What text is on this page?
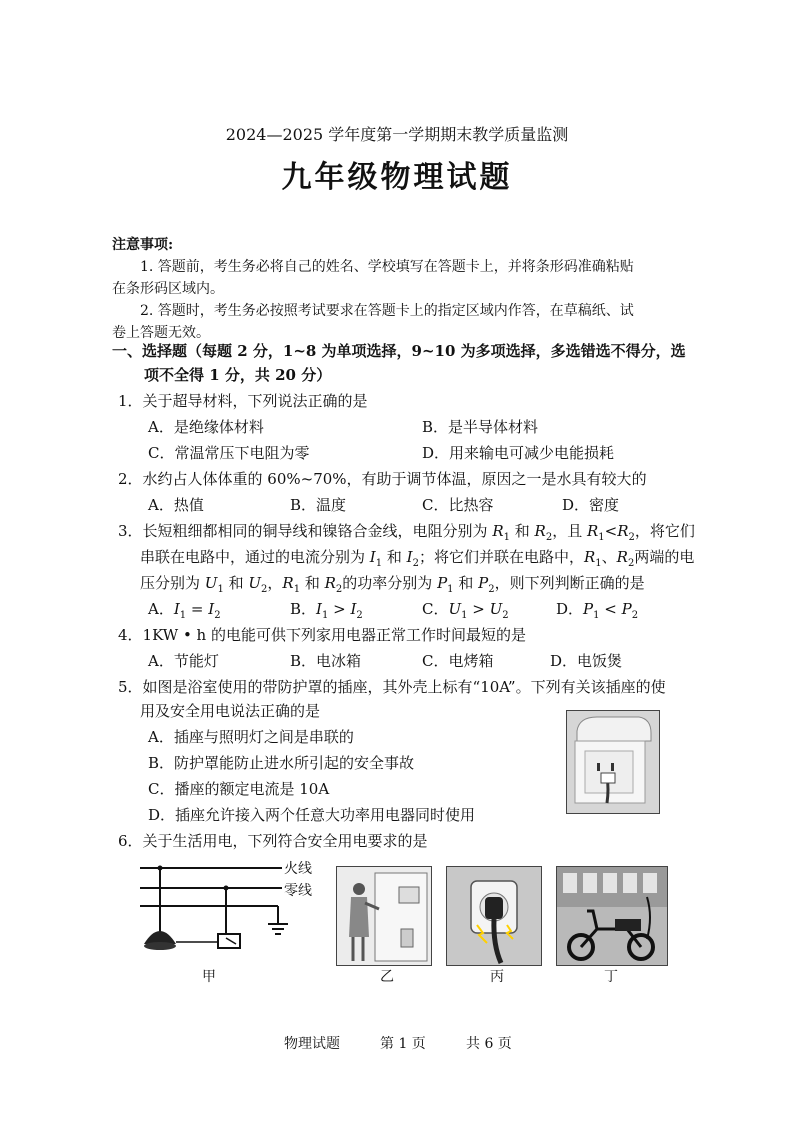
2024—2025 学年度第一学期期末教学质量监测
九年级物理试题
注意事项:
1. 答题前，考生务必将自己的姓名、学校填写在答题卡上，并将条形码准确粘贴
在条形码区域内。
2. 答题时，考生务必按照考试要求在答题卡上的指定区域内作答，在草稿纸、试
卷上答题无效。
一、选择题（每题 2 分，1~8 为单项选择，9~10 为多项选择，多选错选不得分，选
项不全得 1 分，共 20 分）
1．关于超导材料，下列说法正确的是
A．是绝缘体材料	B．是半导体材料
C．常温常压下电阻为零	D．用来输电可减少电能损耗
2．水约占人体体重的 60%~70%，有助于调节体温，原因之一是水具有较大的
A．热值	B．温度	C．比热容	D．密度
3．长短粗细都相同的铜导线和镍铬合金线，电阻分别为 $R_1$ 和 $R_2$，且 $R_1<R_2$，将它们
串联在电路中，通过的电流分别为 $I_1$ 和 $I_2$；将它们并联在电路中，$R_1$、$R_2$两端的电
压分别为 $U_1$ 和 $U_2$，$R_1$ 和 $R_2$的功率分别为 $P_1$ 和 $P_2$，则下列判断正确的是
A．$I_1 = I_2$	B．$I_1 > I_2$	C．$U_1 > U_2$	D．$P_1 < P_2$
4．1KW • h 的电能可供下列家用电器正常工作时间最短的是
A．节能灯	B．电冰箱	C．电烤箱	D．电饭煲
5．如图是浴室使用的带防护罩的插座，其外壳上标有“10A”。下列有关该插座的使
用及安全用电说法正确的是
A．插座与照明灯之间是串联的
B．防护罩能防止进水所引起的安全事故
C．播座的额定电流是 10A
D．插座允许接入两个任意大功率用电器同时使用
6．关于生活用电，下列符合安全用电要求的是
火线
零线
甲	乙	丙	丁
物理试题	第 1 页	共 6 页
